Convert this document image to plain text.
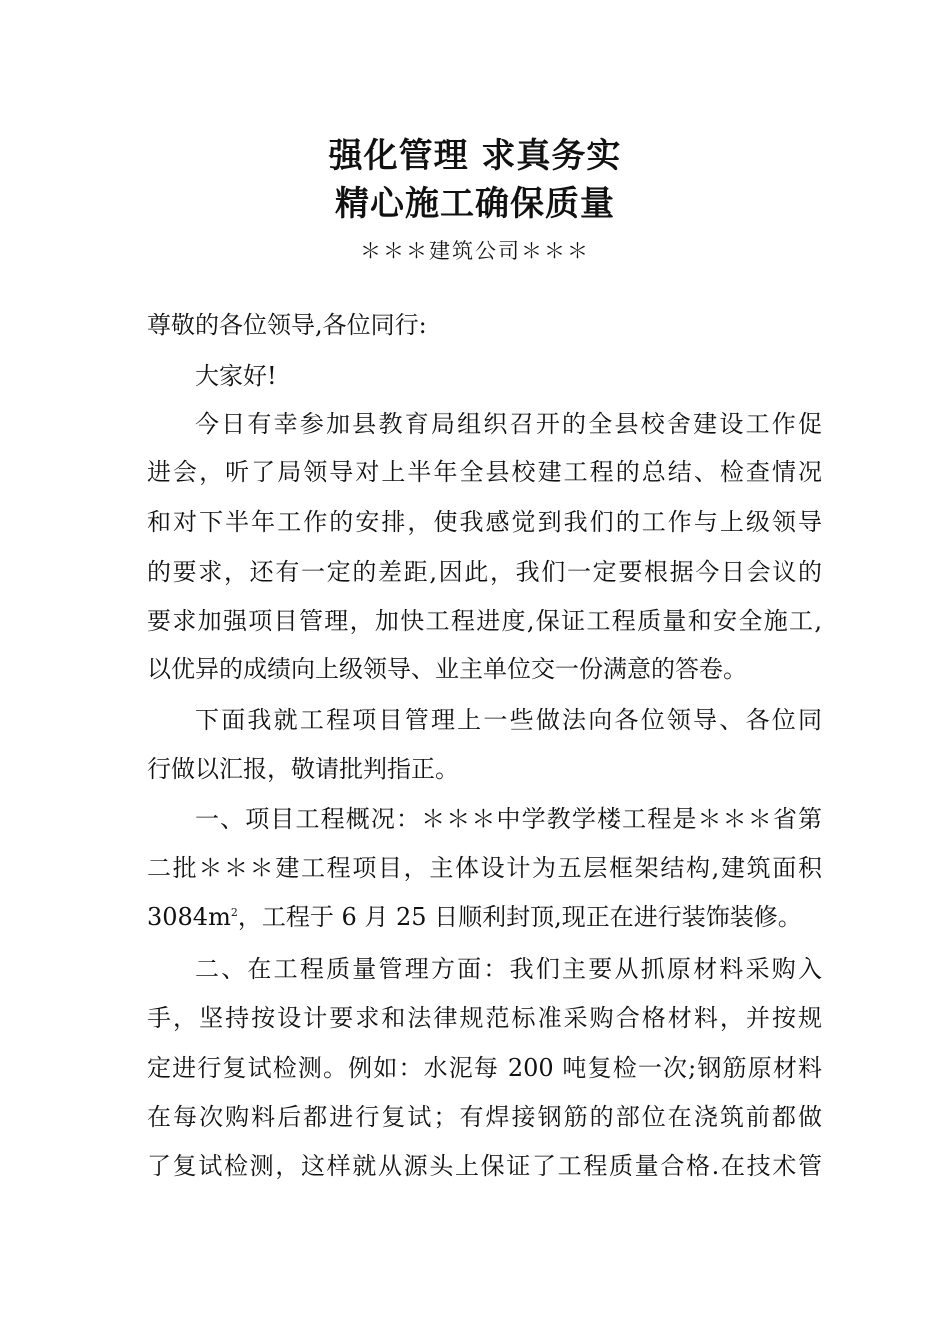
强化管理 求真务实
精心施工确保质量
＊＊＊建筑公司＊＊＊
尊敬的各位领导,各位同行:
大家好!
今日有幸参加县教育局组织召开的全县校舍建设工作促
进会，听了局领导对上半年全县校建工程的总结、检查情况
和对下半年工作的安排，使我感觉到我们的工作与上级领导
的要求，还有一定的差距,因此，我们一定要根据今日会议的
要求加强项目管理，加快工程进度,保证工程质量和安全施工,
以优异的成绩向上级领导、业主单位交一份满意的答卷。
下面我就工程项目管理上一些做法向各位领导、各位同
行做以汇报，敬请批判指正。
一、项目工程概况：＊＊＊中学教学楼工程是＊＊＊省第
二批＊＊＊建工程项目，主体设计为五层框架结构,建筑面积
$3084m^2$，工程于 6 月 25 日顺利封顶,现正在进行装饰装修。
二、在工程质量管理方面：我们主要从抓原材料采购入
手，坚持按设计要求和法律规范标准采购合格材料，并按规
定进行复试检测。例如：水泥每 200 吨复检一次;钢筋原材料
在每次购料后都进行复试；有焊接钢筋的部位在浇筑前都做
了复试检测，这样就从源头上保证了工程质量合格.在技术管
